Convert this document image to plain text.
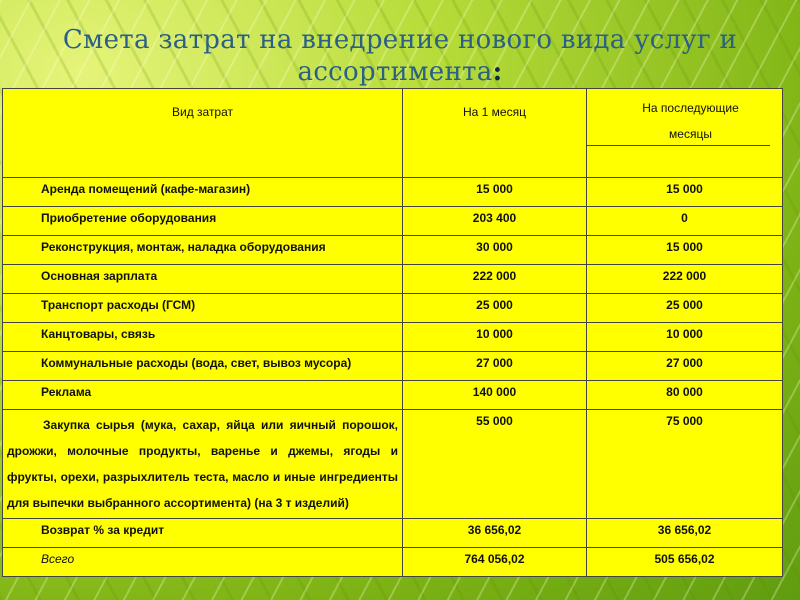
Смета затрат на внедрение нового вида услуг и
ассортимента:
Вид затрат	На 1 месяц	На последующие месяцы

Аренда помещений (кафе-магазин)	15 000	15 000
Приобретение оборудования	203 400	0
Реконструкция, монтаж, наладка оборудования	30 000	15 000
Основная зарплата	222 000	222 000
Транспорт расходы (ГСМ)	25 000	25 000
Канцтовары, связь	10 000	10 000
Коммунальные расходы (вода, свет, вывоз мусора)	27 000	27 000
Реклама	140 000	80 000
Закупка сырья (мука, сахар, яйца или яичный порошок, дрожжи, молочные продукты, варенье и джемы, ягоды и фрукты, орехи, разрыхлитель теста, масло и иные ингредиенты для выпечки выбранного ассортимента) (на 3 т изделий)	55 000	75 000
Возврат % за кредит	36 656,02	36 656,02
Всего	764 056,02	505 656,02
